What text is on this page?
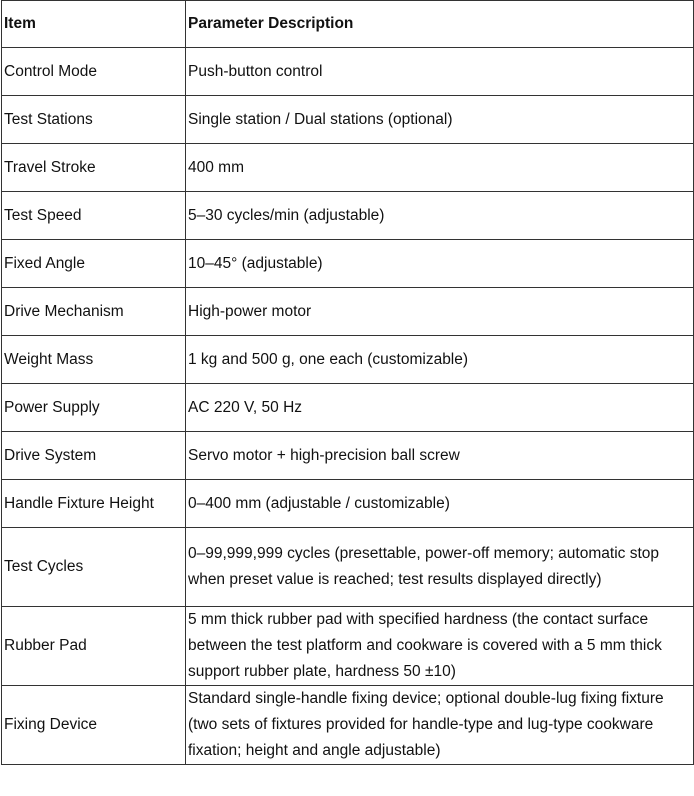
Item	Parameter Description
Control Mode	Push-button control
Test Stations	Single station / Dual stations (optional)
Travel Stroke	400 mm
Test Speed	5–30 cycles/min (adjustable)
Fixed Angle	10–45° (adjustable)
Drive Mechanism	High-power motor
Weight Mass	1 kg and 500 g, one each (customizable)
Power Supply	AC 220 V, 50 Hz
Drive System	Servo motor + high-precision ball screw
Handle Fixture Height	0–400 mm (adjustable / customizable)
Test Cycles	0–99,999,999 cycles (presettable, power-off memory; automatic stop when preset value is reached; test results displayed directly)
Rubber Pad	5 mm thick rubber pad with specified hardness (the contact surface between the test platform and cookware is covered with a 5 mm thick support rubber plate, hardness 50 ±10)
Fixing Device	Standard single-handle fixing device; optional double-lug fixing fixture (two sets of fixtures provided for handle-type and lug-type cookware fixation; height and angle adjustable)
